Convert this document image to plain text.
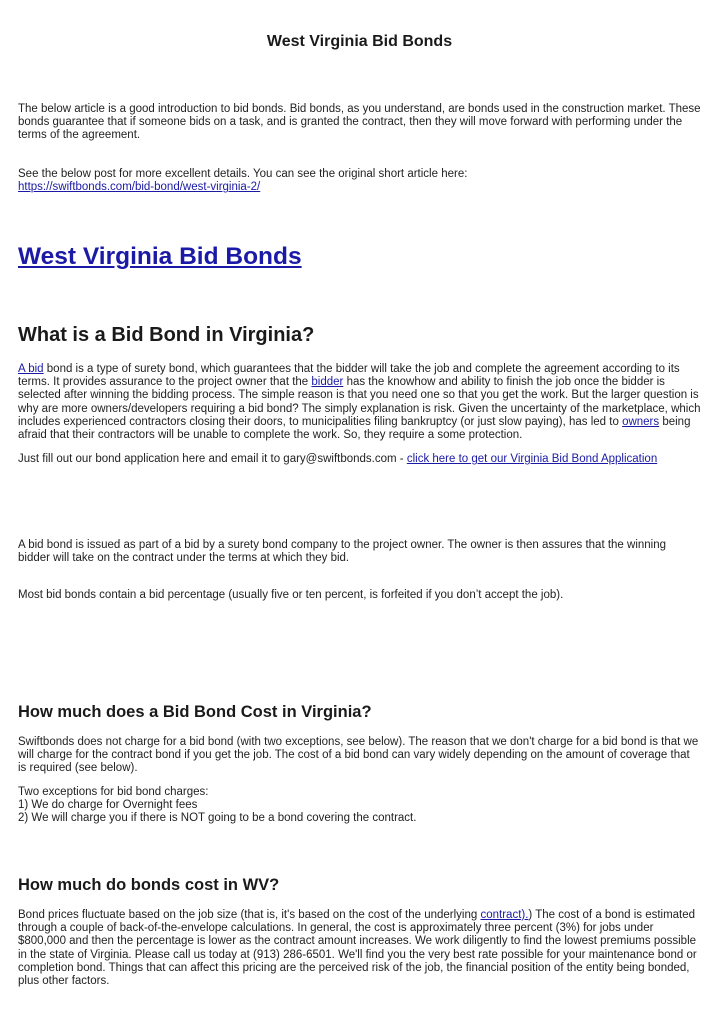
West Virginia Bid Bonds

The below article is a good introduction to bid bonds. Bid bonds, as you understand, are bonds used in the construction market. These bonds guarantee that if someone bids on a task, and is granted the contract, then they will move forward with performing under the terms of the agreement.

See the below post for more excellent details. You can see the original short article here:
https://swiftbonds.com/bid-bond/west-virginia-2/

West Virginia Bid Bonds
What is a Bid Bond in Virginia?

A bid bond is a type of surety bond, which guarantees that the bidder will take the job and complete the agreement according to its terms. It provides assurance to the project owner that the bidder has the knowhow and ability to finish the job once the bidder is selected after winning the bidding process. The simple reason is that you need one so that you get the work. But the larger question is why are more owners/developers requiring a bid bond? The simply explanation is risk. Given the uncertainty of the marketplace, which includes experienced contractors closing their doors, to municipalities filing bankruptcy (or just slow paying), has led to owners being afraid that their contractors will be unable to complete the work. So, they require a some protection.

Just fill out our bond application here and email it to gary@swiftbonds.com - click here to get our Virginia Bid Bond Application

A bid bond is issued as part of a bid by a surety bond company to the project owner. The owner is then assures that the winning bidder will take on the contract under the terms at which they bid.

Most bid bonds contain a bid percentage (usually five or ten percent, is forfeited if you don’t accept the job).

How much does a Bid Bond Cost in Virginia?

Swiftbonds does not charge for a bid bond (with two exceptions, see below). The reason that we don't charge for a bid bond is that we will charge for the contract bond if you get the job. The cost of a bid bond can vary widely depending on the amount of coverage that is required (see below).

Two exceptions for bid bond charges:
1) We do charge for Overnight fees
2) We will charge you if there is NOT going to be a bond covering the contract.

How much do bonds cost in WV?

Bond prices fluctuate based on the job size (that is, it's based on the cost of the underlying contract).) The cost of a bond is estimated through a couple of back-of-the-envelope calculations. In general, the cost is approximately three percent (3%) for jobs under $800,000 and then the percentage is lower as the contract amount increases. We work diligently to find the lowest premiums possible in the state of Virginia. Please call us today at (913) 286-6501. We'll find you the very best rate possible for your maintenance bond or completion bond. Things that can affect this pricing are the perceived risk of the job, the financial position of the entity being bonded, plus other factors.
